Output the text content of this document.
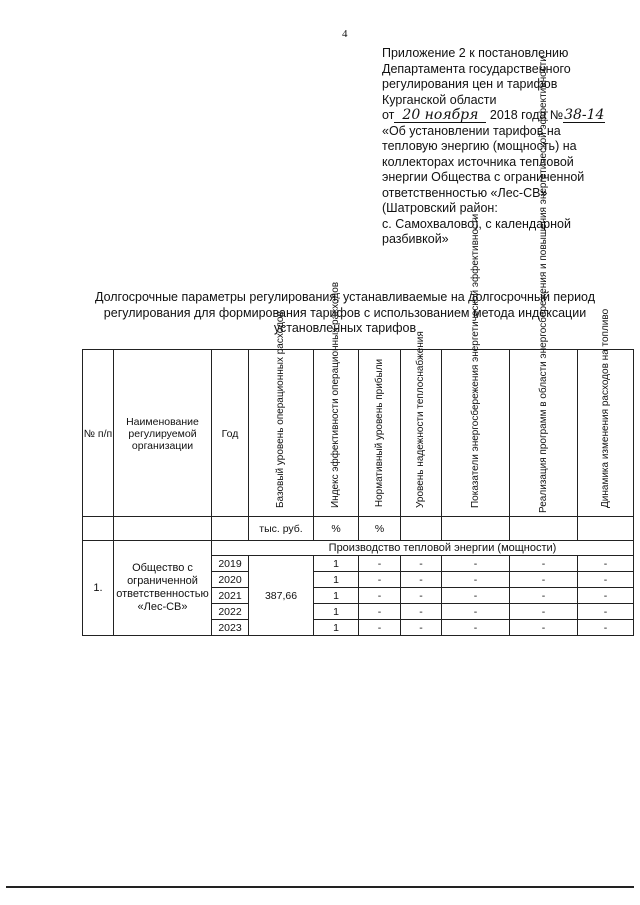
4
Приложение 2 к постановлению
Департамента государственного
регулирования цен и тарифов
Курганской области
от 20 ноября 2018 года №38-14
«Об установлении тарифов на
тепловую энергию (мощность) на
коллекторах источника тепловой
энергии Общества с ограниченной
ответственностью «Лес-СВ»
(Шатровский район:
с. Самохвалово), с календарной
разбивкой»
Долгосрочные параметры регулирования, устанавливаемые на долгосрочный период регулирования для формирования тарифов с использованием метода индексации установленных тарифов
№ п/п	Наименование регулируемой организации	Год	Базовый уровень операционных расходов	Индекс эффективности операционных расходов	Нормативный уровень прибыли	Уровень надежности теплоснабжения	Показатели энергосбережения энергетической эффективности	Реализация программ в области энергосбережения и повышения энергетической эффективности	Динамика изменения расходов на топливо

			тыс. руб.	%	%				
1.	Общество с ограниченной ответственностью «Лес-СВ»	Производство тепловой энергии (мощности)							
		2019	387,66	1	-	-	-	-	-
		2020		1	-	-	-	-	-
		2021		1	-	-	-	-	-
		2022		1	-	-	-	-	-
		2023		1	-	-	-	-	-
